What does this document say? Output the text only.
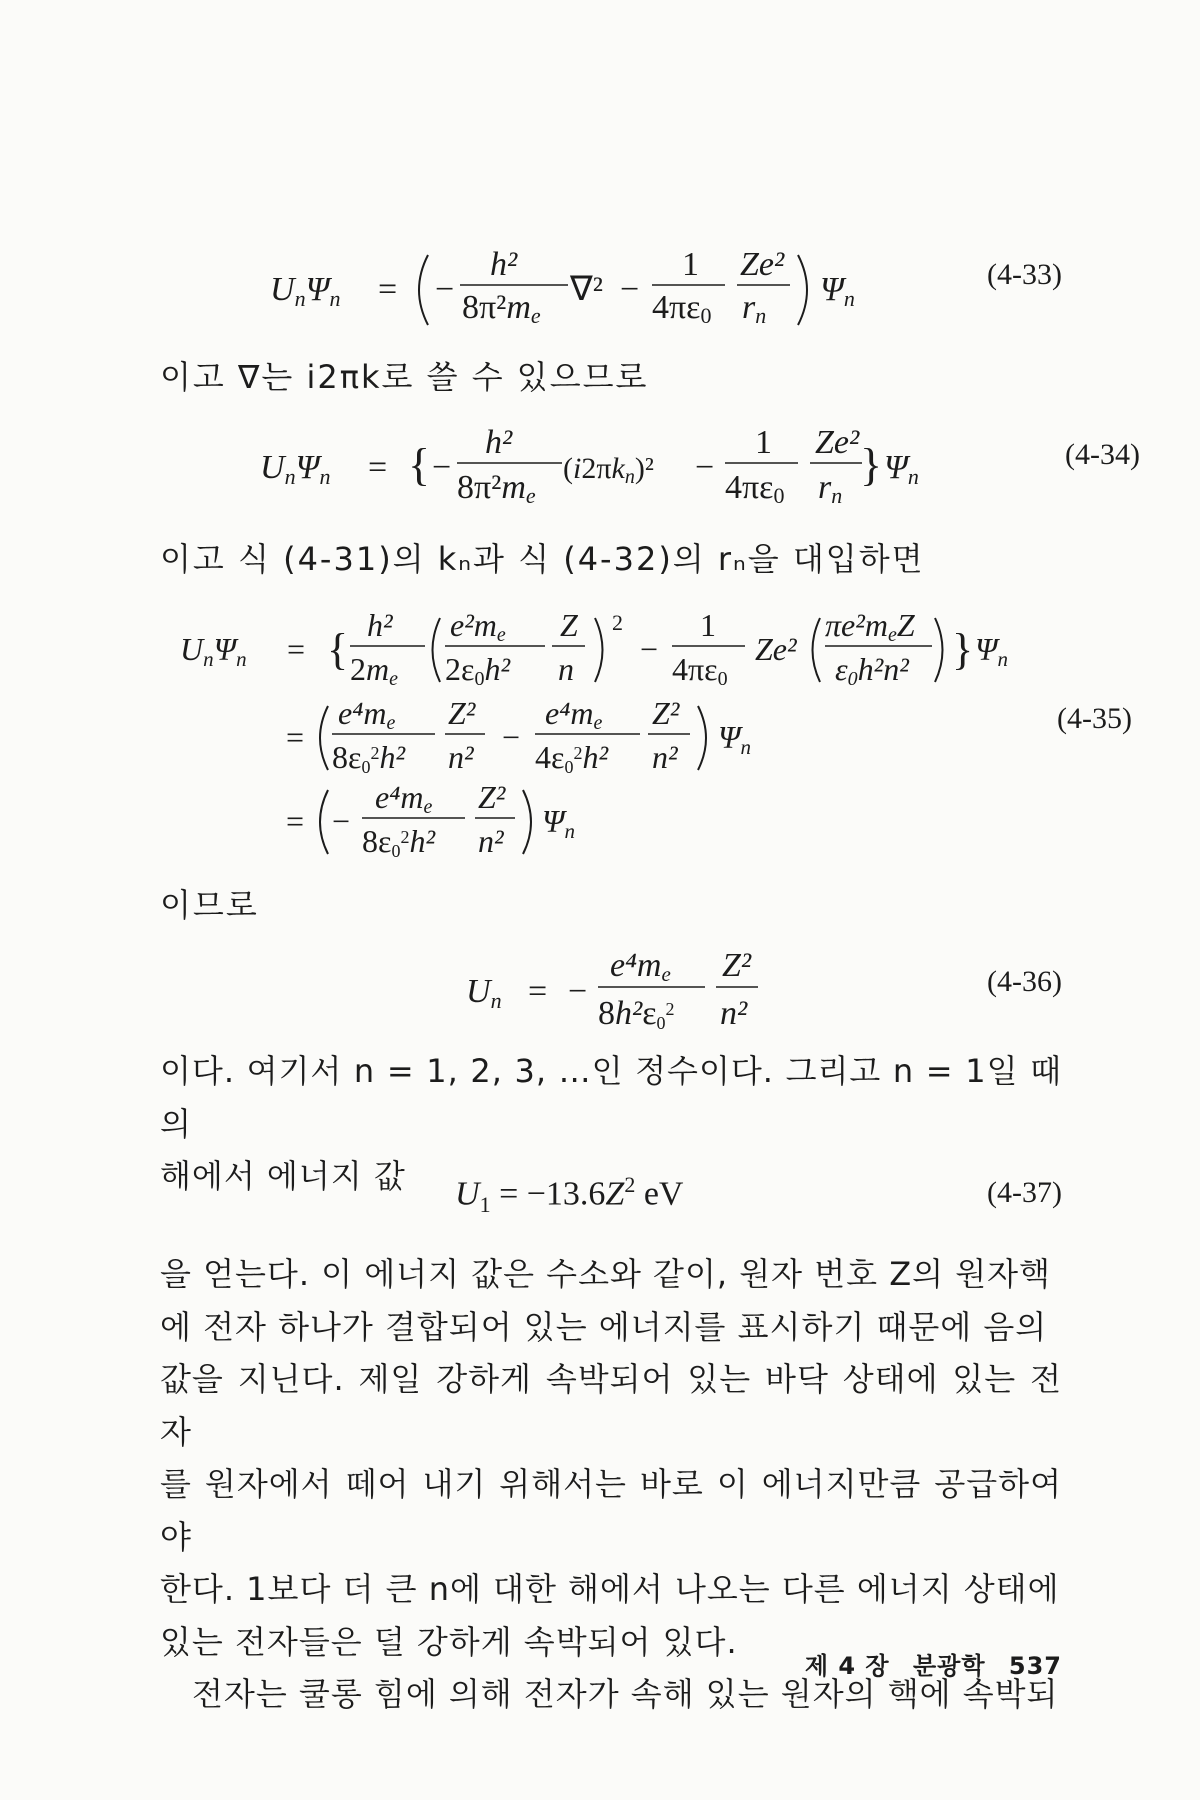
UnΨn = −
h²
8π²me
∇² −
1
4πε0
Ze²
rn
Ψn
(4-33)
이고 ∇는 i2πk로 쓸 수 있으므로
UnΨn = { −
h²
8π²me
(i2πkn)² −
1
4πε0
Ze²
rn
} Ψn
(4-34)
이고 식 (4-31)의 kₙ과 식 (4-32)의 rₙ을 대입하면
UnΨn = { h²
2me
e²me
2ε0h²
Z
n
2
−
1
4πε0
Ze²
πe²meZ
ε0h²n² } Ψn
=
e⁴me
$8\varepsilon 0^2h^2$
Z²
n²
−
e⁴me
$4\varepsilon 0^2h^2$
Z²
n²
Ψn
(4-35)
= −
e⁴me
$8\varepsilon 0^2h^2$
Z²
n²
Ψn
이므로
Un = −
e⁴me
$8h^2\varepsilon 0^2$
Z²
n²
(4-36)

이다. 여기서 n = 1, 2, 3, …인 정수이다. 그리고 n = 1일 때의

해에서 에너지 값	$U_1 = -13.6Z^2$ eV	(4-37)

을 얻는다. 이 에너지 값은 수소와 같이, 원자 번호 Z의 원자핵

에 전자 하나가 결합되어 있는 에너지를 표시하기 때문에 음의

값을 지닌다. 제일 강하게 속박되어 있는 바닥 상태에 있는 전자

를 원자에서 떼어 내기 위해서는 바로 이 에너지만큼 공급하여야

한다. 1보다 더 큰 n에 대한 해에서 나오는 다른 에너지 상태에

있는 전자들은 덜 강하게 속박되어 있다.

전자는 쿨롱 힘에 의해 전자가 속해 있는 원자의 핵에 속박되

제 4 장 분광학 537
